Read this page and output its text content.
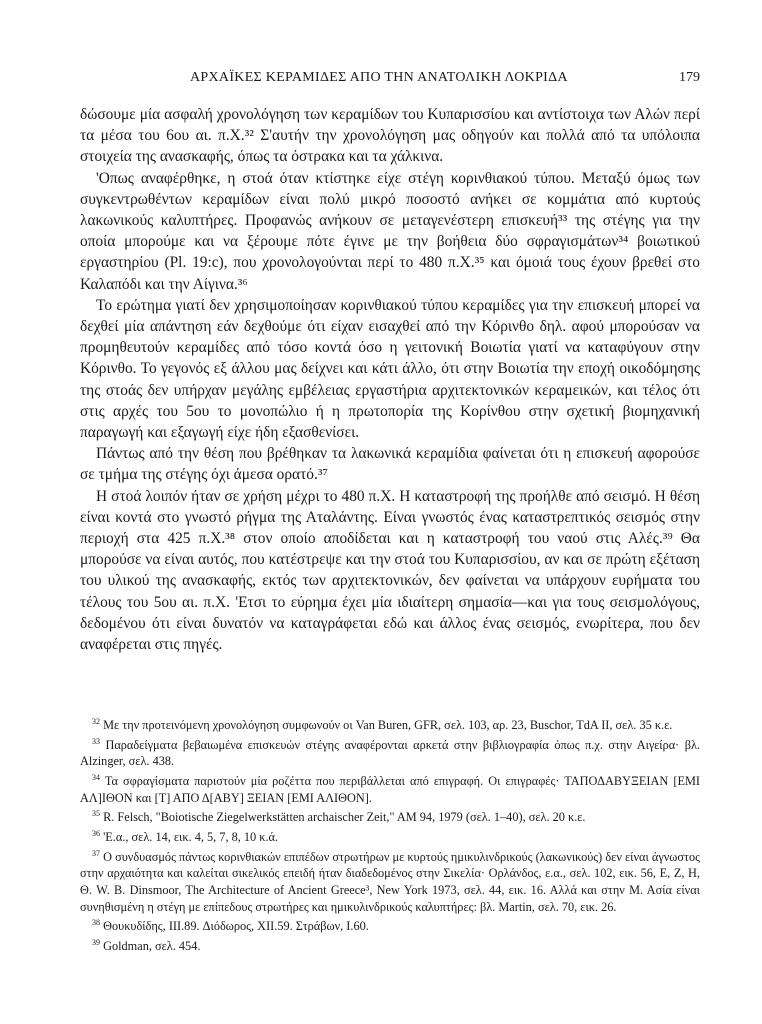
ΑΡΧΑΪΚΕΣ ΚΕΡΑΜΙΔΕΣ ΑΠΟ ΤΗΝ ΑΝΑΤΟΛΙΚΗ ΛΟΚΡΙΔΑ	179

δώσουμε μία ασφαλή χρονολόγηση των κεραμίδων του Κυπαρισσίου και αντίστοιχα των Αλών περί τα μέσα του 6ου αι. π.Χ.³² Σ'αυτήν την χρονολόγηση μας οδηγούν και πολλά από τα υπόλοιπα στοιχεία της ανασκαφής, όπως τα όστρακα και τα χάλκινα.

'Οπως αναφέρθηκε, η στοά όταν κτίστηκε είχε στέγη κορινθιακού τύπου. Μεταξύ όμως των συγκεντρωθέντων κεραμίδων είναι πολύ μικρό ποσοστό ανήκει σε κομμάτια από κυρτούς λακωνικούς καλυπτήρες. Προφανώς ανήκουν σε μεταγενέστερη επισκευή³³ της στέγης για την οποία μπορούμε και να ξέρουμε πότε έγινε με την βοήθεια δύο σφραγισμάτων³⁴ βοιωτικού εργαστηρίου (Pl. 19:c), που χρονολογούνται περί το 480 π.Χ.³⁵ και όμοιά τους έχουν βρεθεί στο Καλαπόδι και την Αίγινα.³⁶

Το ερώτημα γιατί δεν χρησιμοποίησαν κορινθιακού τύπου κεραμίδες για την επισκευή μπορεί να δεχθεί μία απάντηση εάν δεχθούμε ότι είχαν εισαχθεί από την Κόρινθο δηλ. αφού μπορούσαν να προμηθευτούν κεραμίδες από τόσο κοντά όσο η γειτονική Βοιωτία γιατί να καταφύγουν στην Κόρινθο. Το γεγονός εξ άλλου μας δείχνει και κάτι άλλο, ότι στην Βοιωτία την εποχή οικοδόμησης της στοάς δεν υπήρχαν μεγάλης εμβέλειας εργαστήρια αρχιτεκτονικών κεραμεικών, και τέλος ότι στις αρχές του 5ου το μονοπώλιο ή η πρωτοπορία της Κορίνθου στην σχετική βιομηχανική παραγωγή και εξαγωγή είχε ήδη εξασθενίσει.

Πάντως από την θέση που βρέθηκαν τα λακωνικά κεραμίδια φαίνεται ότι η επισκευή αφορούσε σε τμήμα της στέγης όχι άμεσα ορατό.³⁷

Η στοά λοιπόν ήταν σε χρήση μέχρι το 480 π.Χ. Η καταστροφή της προήλθε από σεισμό. Η θέση είναι κοντά στο γνωστό ρήγμα της Αταλάντης. Είναι γνωστός ένας καταστρεπτικός σεισμός στην περιοχή στα 425 π.Χ.³⁸ στον οποίο αποδίδεται και η καταστροφή του ναού στις Αλές.³⁹ Θα μπορούσε να είναι αυτός, που κατέστρεψε και την στοά του Κυπαρισσίου, αν και σε πρώτη εξέταση του υλικού της ανασκαφής, εκτός των αρχιτεκτονικών, δεν φαίνεται να υπάρχουν ευρήματα του τέλους του 5ου αι. π.Χ. 'Ετσι το εύρημα έχει μία ιδιαίτερη σημασία—και για τους σεισμολόγους, δεδομένου ότι είναι δυνατόν να καταγράφεται εδώ και άλλος ένας σεισμός, ενωρίτερα, που δεν αναφέρεται στις πηγές.

$^{32}$ Με την προτεινόμενη χρονολόγηση συμφωνούν οι Van Buren, GFR, σελ. 103, αρ. 23, Buschor, TdA II, σελ. 35 κ.ε.

$^{33}$ Παραδείγματα βεβαιωμένα επισκευών στέγης αναφέρονται αρκετά στην βιβλιογραφία όπως π.χ. στην Αιγείρα· βλ. Alzinger, σελ. 438.

$^{34}$ Τα σφραγίσματα παριστούν μία ροζέττα που περιβάλλεται από επιγραφή. Οι επιγραφές· ΤΑΠΟΔΑΒΥΞΕΙΑΝ [ΕΜΙ ΑΛ]ΙΘΟΝ και [Τ] ΑΠΟ Δ[ΑΒΥ] ΞΕΙΑΝ [ΕΜΙ ΑΛΙΘΟΝ].

$^{35}$ R. Felsch, "Boiotische Ziegelwerkstätten archaischer Zeit," AM 94, 1979 (σελ. 1–40), σελ. 20 κ.ε.

$^{36}$ 'Ε.α., σελ. 14, εικ. 4, 5, 7, 8, 10 κ.ά.

$^{37}$ Ο συνδυασμός πάντως κορινθιακών επιπέδων στρωτήρων με κυρτούς ημικυλινδρικούς (λακωνικούς) δεν είναι άγνωστος στην αρχαιότητα και καλείται σικελικός επειδή ήταν διαδεδομένος στην Σικελία· Ορλάνδος, ε.α., σελ. 102, εικ. 56, Ε, Ζ, Η, Θ. W. B. Dinsmoor, The Architecture of Ancient Greece³, New York 1973, σελ. 44, εικ. 16. Αλλά και στην Μ. Ασία είναι συνηθισμένη η στέγη με επίπεδους στρωτήρες και ημικυλινδρικούς καλυπτήρες: βλ. Martin, σελ. 70, εικ. 26.

$^{38}$ Θουκυδίδης, III.89. Διόδωρος, XII.59. Στράβων, I.60.

$^{39}$ Goldman, σελ. 454.
